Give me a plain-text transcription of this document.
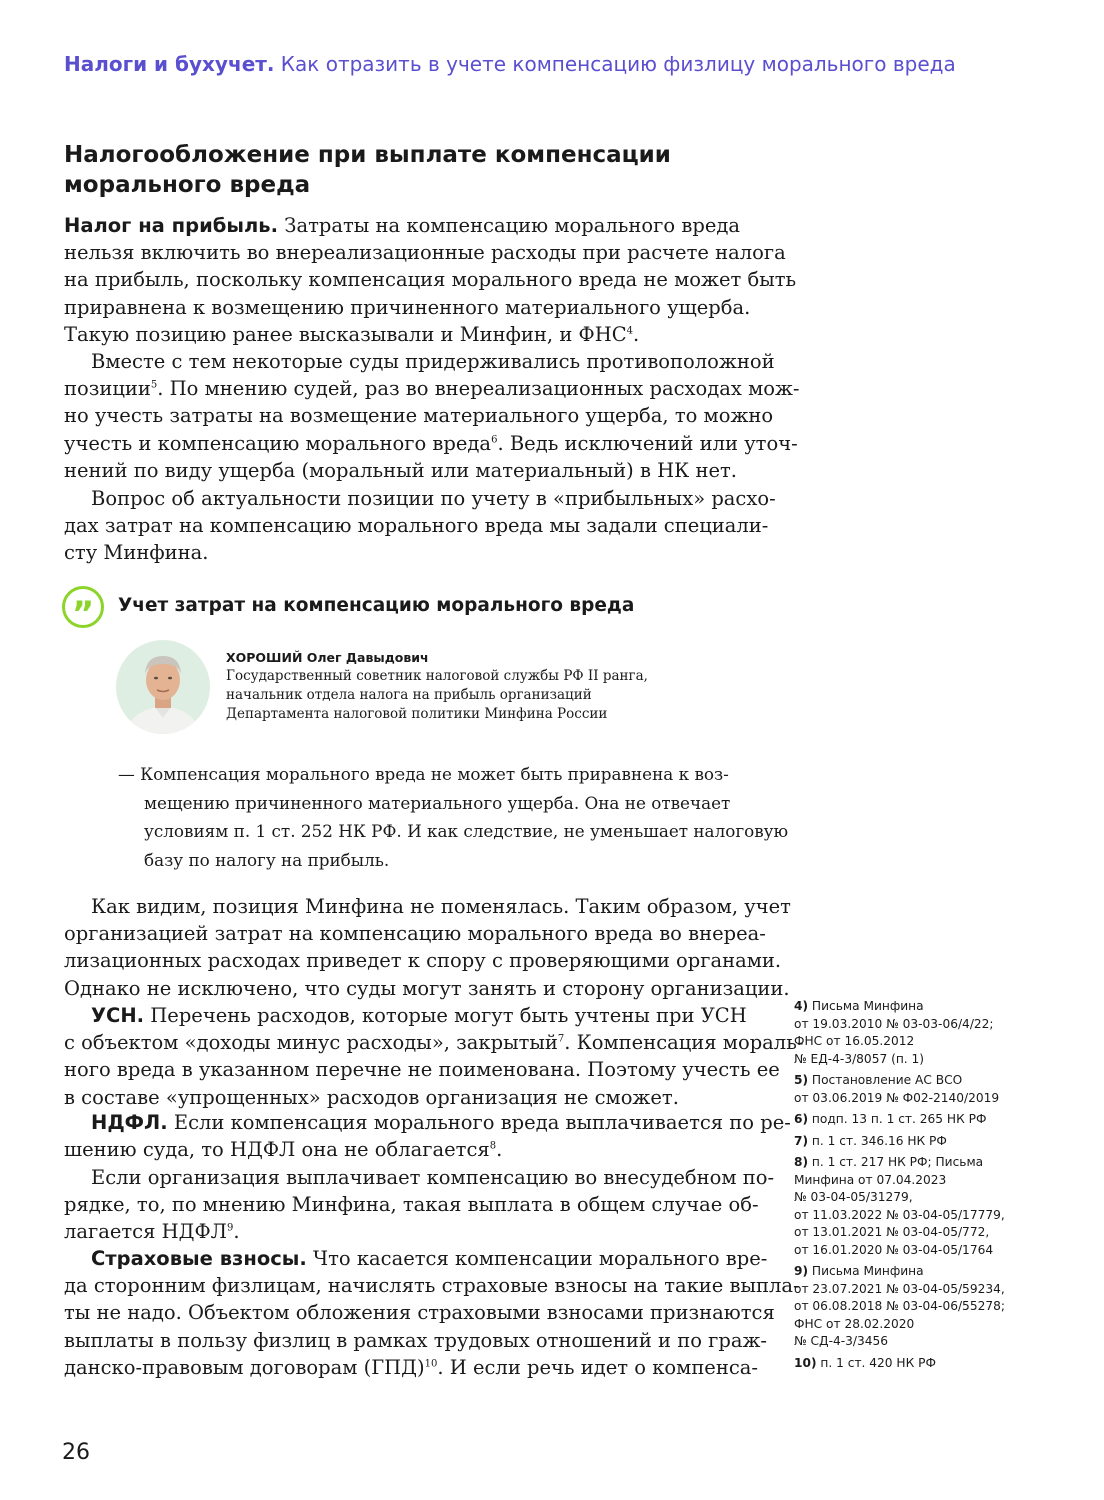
Налоги и бухучет. Как отразить в учете компенсацию физлицу морального вреда
Налогообложение при выплате компенсации
морального вреда
Налог на прибыль. Затраты на компенсацию морального вреда
нельзя включить во внереализационные расходы при расчете налога
на прибыль, поскольку компенсация морального вреда не может быть
приравнена к возмещению причиненного материального ущерба.
Такую позицию ранее высказывали и Минфин, и ФНС$^4$.
Вместе с тем некоторые суды придерживались противоположной
позиции$^5$. По мнению судей, раз во внереализационных расходах мож-
но учесть затраты на возмещение материального ущерба, то можно
учесть и компенсацию морального вреда$^6$. Ведь исключений или уточ-
нений по виду ущерба (моральный или материальный) в НК нет.
Вопрос об актуальности позиции по учету в «прибыльных» расхо-
дах затрат на компенсацию морального вреда мы задали специали-
сту Минфина.
”	Учет затрат на компенсацию морального вреда
ХОРОШИЙ Олег Давыдович
Государственный советник налоговой службы РФ II ранга,
начальник отдела налога на прибыль организаций
Департамента налоговой политики Минфина России
— Компенсация морального вреда не может быть приравнена к воз-
мещению причиненного материального ущерба. Она не отвечает
условиям п. 1 ст. 252 НК РФ. И как следствие, не уменьшает налоговую
базу по налогу на прибыль.
Как видим, позиция Минфина не поменялась. Таким образом, учет
организацией затрат на компенсацию морального вреда во внереа-
лизационных расходах приведет к спору с проверяющими органами.
Однако не исключено, что суды могут занять и сторону организации.
УСН. Перечень расходов, которые могут быть учтены при УСН
с объектом «доходы минус расходы», закрытый$^7$. Компенсация мораль-
ного вреда в указанном перечне не поименована. Поэтому учесть ее
в составе «упрощенных» расходов организация не сможет.
НДФЛ. Если компенсация морального вреда выплачивается по ре-
шению суда, то НДФЛ она не облагается$^8$.
Если организация выплачивает компенсацию во внесудебном по-
рядке, то, по мнению Минфина, такая выплата в общем случае об-
лагается НДФЛ$^9$.
Страховые взносы. Что касается компенсации морального вре-
да сторонним физлицам, начислять страховые взносы на такие выпла-
ты не надо. Объектом обложения страховыми взносами признаются
выплаты в пользу физлиц в рамках трудовых отношений и по граж-
данско-правовым договорам (ГПД)$^{10}$. И если речь идет о компенса-
4) Письма Минфина
от 19.03.2010 № 03-03-06/4/22;
ФНС от 16.05.2012
№ ЕД-4-3/8057 (п. 1)
5) Постановление АС ВСО
от 03.06.2019 № Ф02-2140/2019
6) подп. 13 п. 1 ст. 265 НК РФ
7) п. 1 ст. 346.16 НК РФ
8) п. 1 ст. 217 НК РФ; Письма
Минфина от 07.04.2023
№ 03-04-05/31279,
от 11.03.2022 № 03-04-05/17779,
от 13.01.2021 № 03-04-05/772,
от 16.01.2020 № 03-04-05/1764
9) Письма Минфина
от 23.07.2021 № 03-04-05/59234,
от 06.08.2018 № 03-04-06/55278;
ФНС от 28.02.2020
№ СД-4-3/3456
10) п. 1 ст. 420 НК РФ
26
